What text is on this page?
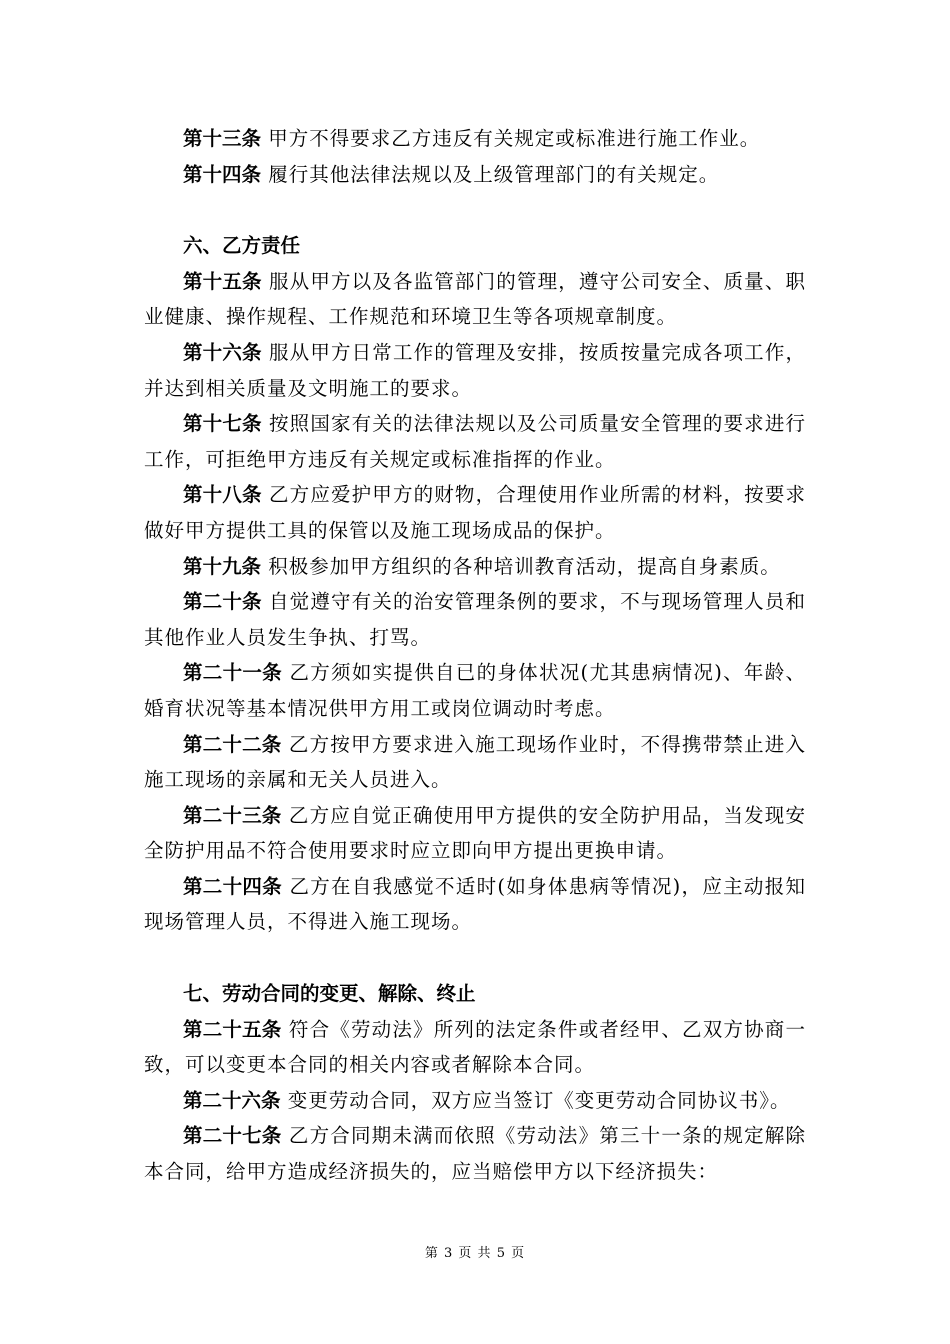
第十三条 甲方不得要求乙方违反有关规定或标准进行施工作业。

第十四条 履行其他法律法规以及上级管理部门的有关规定。

六、乙方责任

第十五条 服从甲方以及各监管部门的管理，遵守公司安全、质量、职业健康、操作规程、工作规范和环境卫生等各项规章制度。

第十六条 服从甲方日常工作的管理及安排，按质按量完成各项工作，并达到相关质量及文明施工的要求。

第十七条 按照国家有关的法律法规以及公司质量安全管理的要求进行工作，可拒绝甲方违反有关规定或标准指挥的作业。

第十八条 乙方应爱护甲方的财物，合理使用作业所需的材料，按要求做好甲方提供工具的保管以及施工现场成品的保护。

第十九条 积极参加甲方组织的各种培训教育活动，提高自身素质。

第二十条 自觉遵守有关的治安管理条例的要求，不与现场管理人员和其他作业人员发生争执、打骂。

第二十一条 乙方须如实提供自已的身体状况(尤其患病情况)、年龄、婚育状况等基本情况供甲方用工或岗位调动时考虑。

第二十二条 乙方按甲方要求进入施工现场作业时，不得携带禁止进入施工现场的亲属和无关人员进入。

第二十三条 乙方应自觉正确使用甲方提供的安全防护用品，当发现安全防护用品不符合使用要求时应立即向甲方提出更换申请。

第二十四条 乙方在自我感觉不适时(如身体患病等情况)，应主动报知现场管理人员，不得进入施工现场。

七、劳动合同的变更、解除、终止

第二十五条 符合《劳动法》所列的法定条件或者经甲、乙双方协商一致，可以变更本合同的相关内容或者解除本合同。

第二十六条 变更劳动合同，双方应当签订《变更劳动合同协议书》。

第二十七条 乙方合同期未满而依照《劳动法》第三十一条的规定解除本合同，给甲方造成经济损失的，应当赔偿甲方以下经济损失：

第 3 页 共 5 页
